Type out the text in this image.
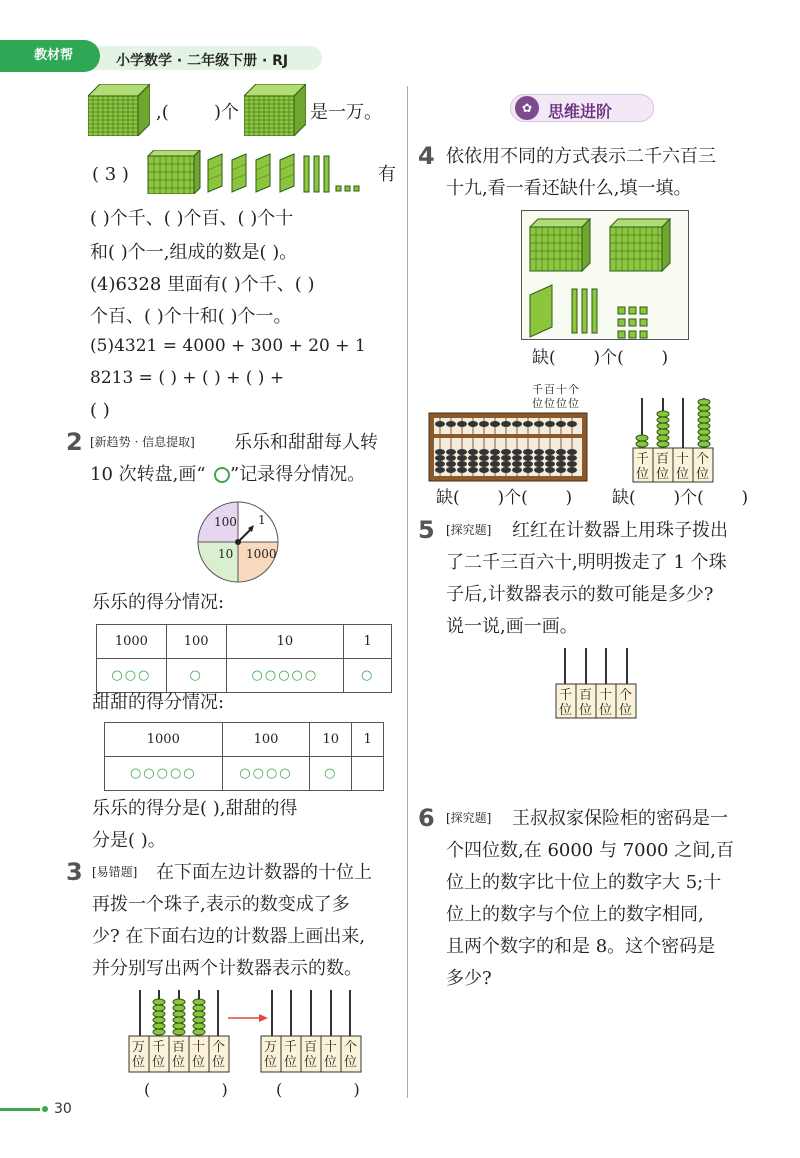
教材帮	小学数学 · 二年级下册 · RJ
,(	)个	是一万。
( 3 )	有
( )个千、( )个百、( )个十
和( )个一,组成的数是( )。
(4)6328 里面有( )个千、( )
个百、( )个十和( )个一。
(5)4321 = 4000 + 300 + 20 + 1
8213 = ( ) + ( ) + ( ) +
( )
2 [新趋势 · 信息提取] 乐乐和甜甜每人转
10 次转盘,画“ ”记录得分情况。
100 1
10 1000
乐乐的得分情况:
1000	100	10	1
○○○	○	○○○○○	○
甜甜的得分情况:
1000	100	10	1
○○○○○	○○○○	○	
乐乐的得分是( ),甜甜的得
分是( )。
3 [易错题] 在下面左边计数器的十位上
再拨一个珠子,表示的数变成了多
少? 在下面右边的计数器上画出来,
并分别写出两个计数器表示的数。
万
位
千
位
百
位
十
位
个
位
万
位
千
位
百
位
十
位
个
位
(              )	(              )
30
✿ 思维进阶
4 依依用不同的方式表示二千六百三
十九,看一看还缺什么,填一填。
缺(       )个(       )
千百十个
位位位位
缺(       )个(       )
千
位
百
位
十
位
个
位
缺(       )个(       )
5 [探究题] 红红在计数器上用珠子拨出
了二千三百六十,明明拨走了 1 个珠
子后,计数器表示的数可能是多少?
说一说,画一画。
千
位
百
位
十
位
个
位
6 [探究题] 王叔叔家保险柜的密码是一
个四位数,在 6000 与 7000 之间,百
位上的数字比十位上的数字大 5;十
位上的数字与个位上的数字相同,
且两个数字的和是 8。这个密码是
多少?
